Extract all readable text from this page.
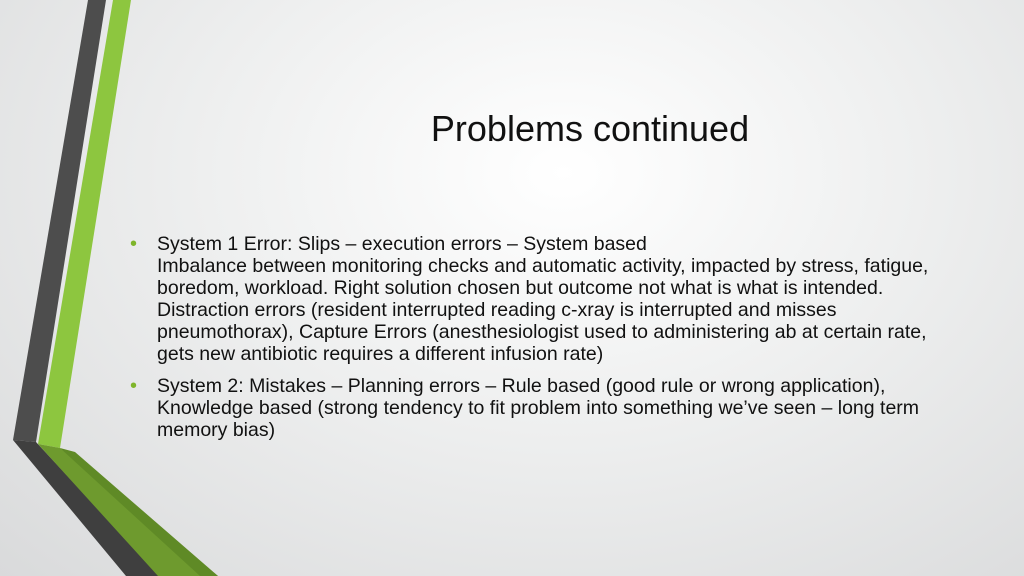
Problems continued
•	System 1 Error: Slips – execution errors – System based
Imbalance between monitoring checks and automatic activity, impacted by stress, fatigue, boredom, workload. Right solution chosen but outcome not what is what is intended.
Distraction errors (resident interrupted reading c-xray is interrupted and misses pneumothorax), Capture Errors (anesthesiologist used to administering ab at certain rate, gets new antibiotic requires a different infusion rate)
•	System 2: Mistakes – Planning errors – Rule based (good rule or wrong application), Knowledge based (strong tendency to fit problem into something we’ve seen – long term memory bias)
